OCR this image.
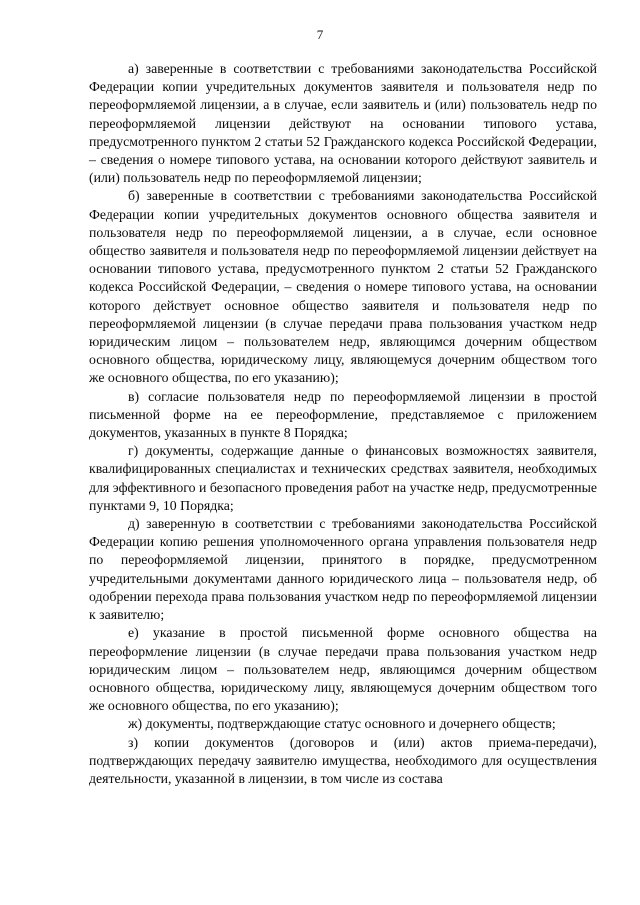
7

а) заверенные в соответствии с требованиями законодательства Российской Федерации копии учредительных документов заявителя и пользователя недр по переоформляемой лицензии, а в случае, если заявитель и (или) пользователь недр по переоформляемой лицензии действуют на основании типового устава, предусмотренного пунктом 2 статьи 52 Гражданского кодекса Российской Федерации, – сведения о номере типового устава, на основании которого действуют заявитель и (или) пользователь недр по переоформляемой лицензии;

б) заверенные в соответствии с требованиями законодательства Российской Федерации копии учредительных документов основного общества заявителя и пользователя недр по переоформляемой лицензии, а в случае, если основное общество заявителя и пользователя недр по переоформляемой лицензии действует на основании типового устава, предусмотренного пунктом 2 статьи 52 Гражданского кодекса Российской Федерации, – сведения о номере типового устава, на основании которого действует основное общество заявителя и пользователя недр по переоформляемой лицензии (в случае передачи права пользования участком недр юридическим лицом – пользователем недр, являющимся дочерним обществом основного общества, юридическому лицу, являющемуся дочерним обществом того же основного общества, по его указанию);

в) согласие пользователя недр по переоформляемой лицензии в простой письменной форме на ее переоформление, представляемое с приложением документов, указанных в пункте 8 Порядка;

г) документы, содержащие данные о финансовых возможностях заявителя, квалифицированных специалистах и технических средствах заявителя, необходимых для эффективного и безопасного проведения работ на участке недр, предусмотренные пунктами 9, 10 Порядка;

д) заверенную в соответствии с требованиями законодательства Российской Федерации копию решения уполномоченного органа управления пользователя недр по переоформляемой лицензии, принятого в порядке, предусмотренном учредительными документами данного юридического лица – пользователя недр, об одобрении перехода права пользования участком недр по переоформляемой лицензии к заявителю;

е) указание в простой письменной форме основного общества на переоформление лицензии (в случае передачи права пользования участком недр юридическим лицом – пользователем недр, являющимся дочерним обществом основного общества, юридическому лицу, являющемуся дочерним обществом того же основного общества, по его указанию);

ж) документы, подтверждающие статус основного и дочернего обществ;

з) копии документов (договоров и (или) актов приема-передачи), подтверждающих передачу заявителю имущества, необходимого для осуществления деятельности, указанной в лицензии, в том числе из состава
